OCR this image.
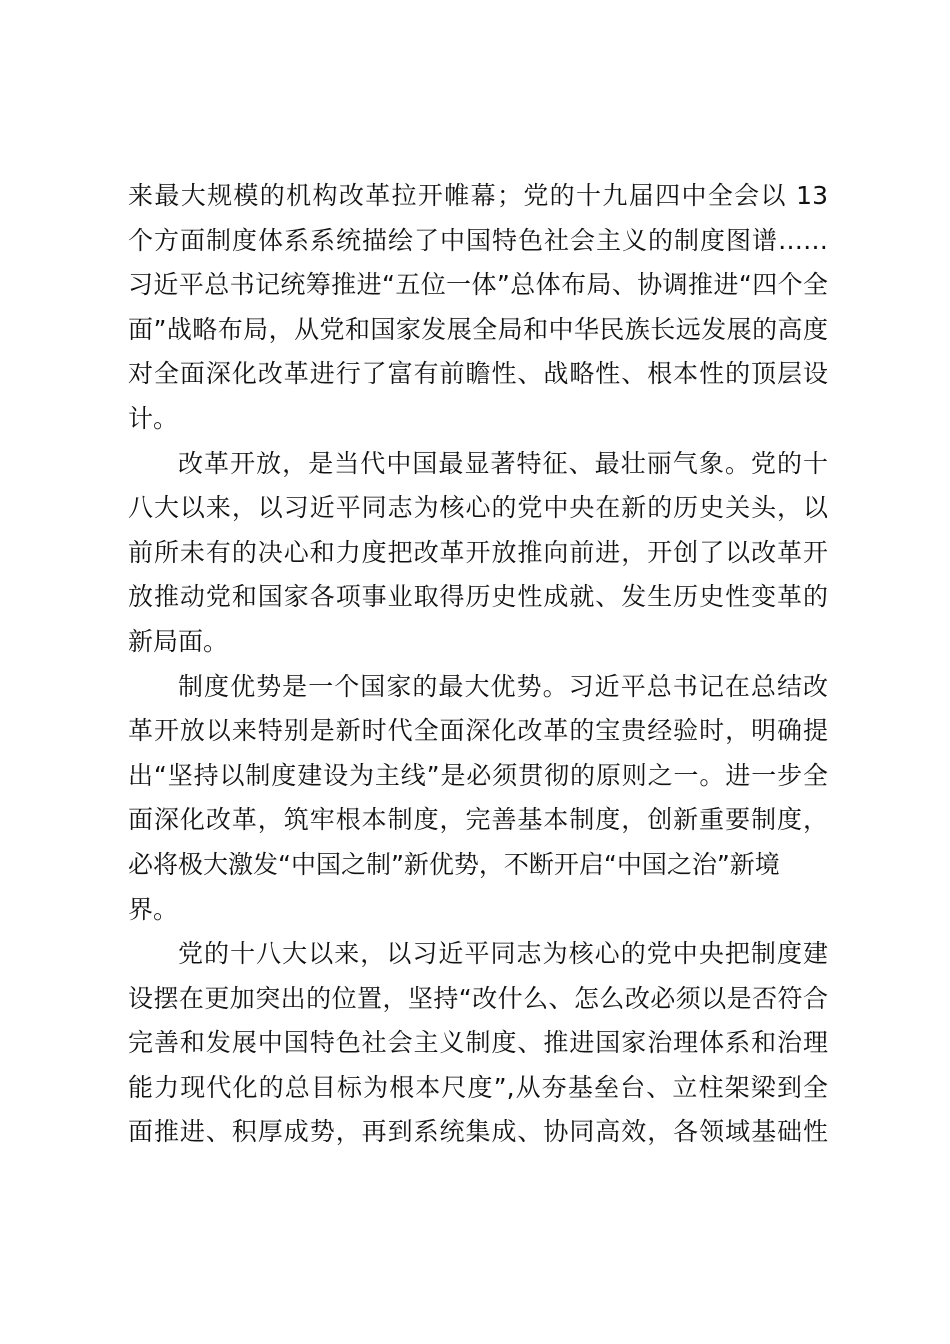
来最大规模的机构改革拉开帷幕；党的十九届四中全会以 13
个方面制度体系系统描绘了中国特色社会主义的制度图谱……
习近平总书记统筹推进“五位一体”总体布局、协调推进“四个全
面”战略布局，从党和国家发展全局和中华民族长远发展的高度
对全面深化改革进行了富有前瞻性、战略性、根本性的顶层设
计。
改革开放，是当代中国最显著特征、最壮丽气象。党的十
八大以来，以习近平同志为核心的党中央在新的历史关头，以
前所未有的决心和力度把改革开放推向前进，开创了以改革开
放推动党和国家各项事业取得历史性成就、发生历史性变革的
新局面。
制度优势是一个国家的最大优势。习近平总书记在总结改
革开放以来特别是新时代全面深化改革的宝贵经验时，明确提
出“坚持以制度建设为主线”是必须贯彻的原则之一。进一步全
面深化改革，筑牢根本制度，完善基本制度，创新重要制度，
必将极大激发“中国之制”新优势，不断开启“中国之治”新境
界。
党的十八大以来，以习近平同志为核心的党中央把制度建
设摆在更加突出的位置，坚持“改什么、怎么改必须以是否符合
完善和发展中国特色社会主义制度、推进国家治理体系和治理
能力现代化的总目标为根本尺度”,从夯基垒台、立柱架梁到全
面推进、积厚成势，再到系统集成、协同高效，各领域基础性
